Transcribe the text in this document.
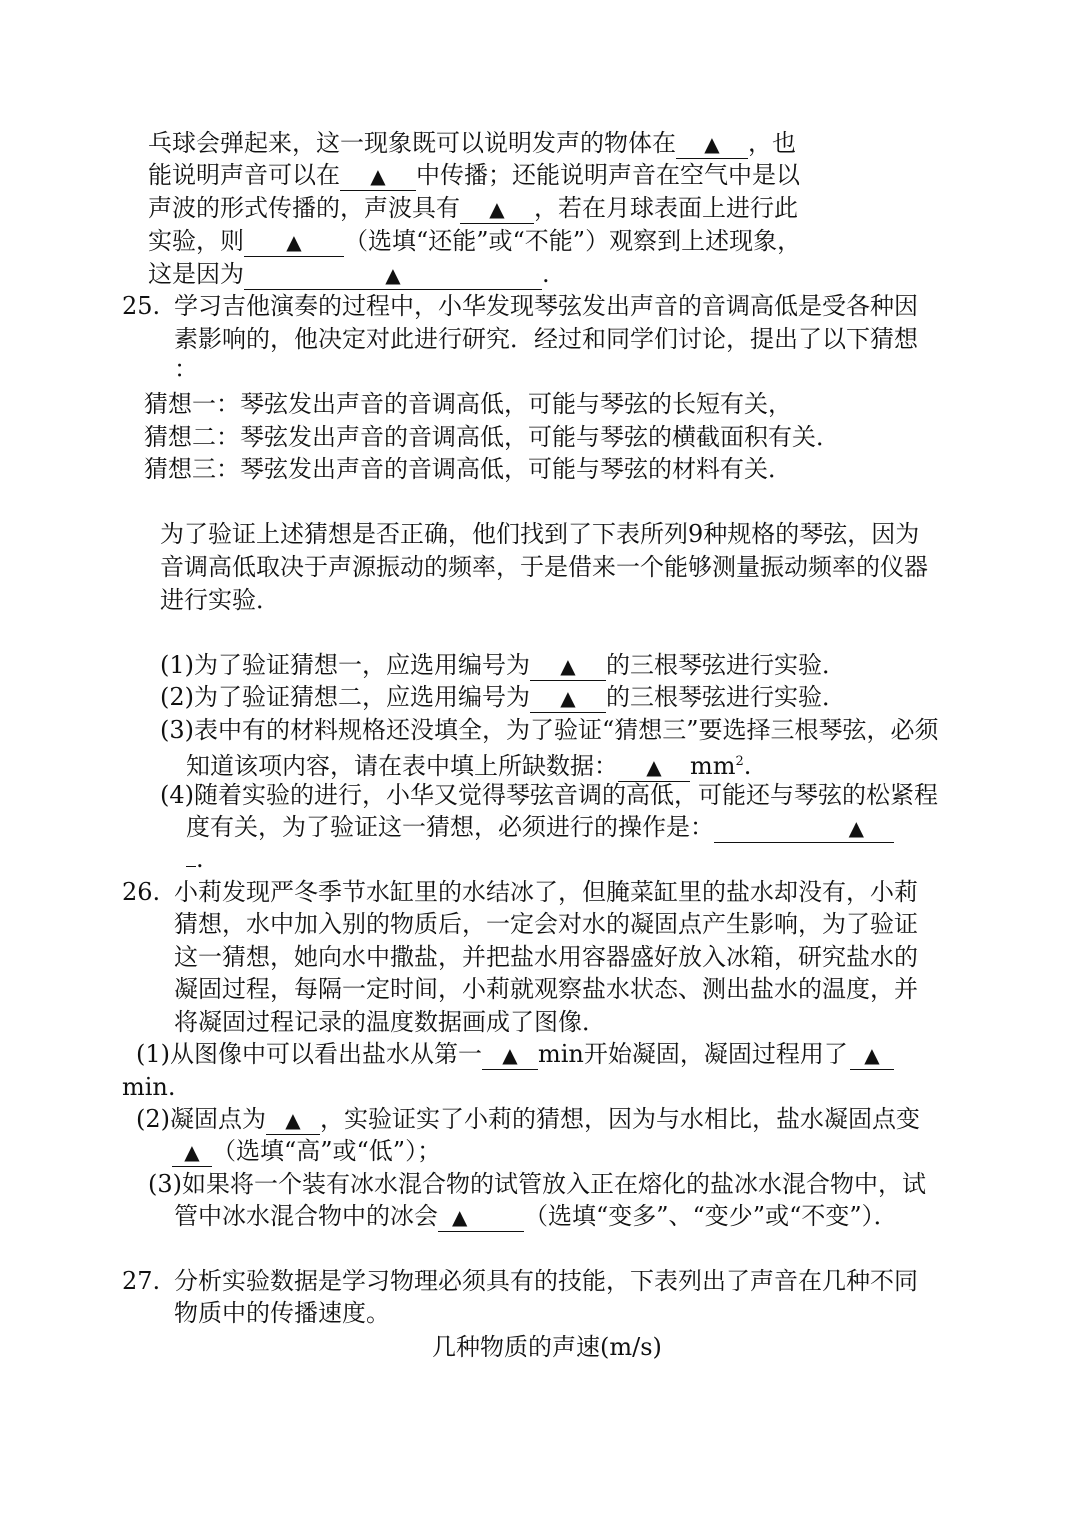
乓球会弹起来，这一现象既可以说明发声的物体在 ▲ ，也
能说明声音可以在 ▲ 中传播；还能说明声音在空气中是以
声波的形式传播的，声波具有 ▲ ，若在月球表面上进行此
实验，则 ▲ （选填“还能”或“不能”）观察到上述现象，
这是因为	▲	.
25. 学习吉他演奏的过程中，小华发现琴弦发出声音的音调高低是受各种因
素影响的，他决定对此进行研究．经过和同学们讨论，提出了以下猜想
：
猜想一：琴弦发出声音的音调高低，可能与琴弦的长短有关，
猜想二：琴弦发出声音的音调高低，可能与琴弦的横截面积有关．
猜想三：琴弦发出声音的音调高低，可能与琴弦的材料有关．
为了验证上述猜想是否正确，他们找到了下表所列9种规格的琴弦，因为
音调高低取决于声源振动的频率，于是借来一个能够测量振动频率的仪器
进行实验．
(1)为了验证猜想一，应选用编号为 ▲ 的三根琴弦进行实验．
(2)为了验证猜想二，应选用编号为 ▲ 的三根琴弦进行实验．
(3)表中有的材料规格还没填全，为了验证“猜想三”要选择三根琴弦，必须
知道该项内容，请在表中填上所缺数据： ▲ $mm^2$.
(4)随着实验的进行，小华又觉得琴弦音调的高低，可能还与琴弦的松紧程
度有关，为了验证这一猜想，必须进行的操作是：	▲
.
26. 小莉发现严冬季节水缸里的水结冰了，但腌菜缸里的盐水却没有，小莉
猜想，水中加入别的物质后，一定会对水的凝固点产生影响，为了验证
这一猜想，她向水中撒盐，并把盐水用容器盛好放入冰箱，研究盐水的
凝固过程，每隔一定时间，小莉就观察盐水状态、测出盐水的温度，并
将凝固过程记录的温度数据画成了图像．
(1)从图像中可以看出盐水从第一 ▲ min开始凝固，凝固过程用了 ▲
min.
(2)凝固点为 ▲ ，实验证实了小莉的猜想，因为与水相比，盐水凝固点变
▲ （选填“高”或“低”）；
(3)如果将一个装有冰水混合物的试管放入正在熔化的盐冰水混合物中，试
管中冰水混合物中的冰会 ▲ （选填“变多”、“变少”或“不变”）．
27. 分析实验数据是学习物理必须具有的技能，下表列出了声音在几种不同
物质中的传播速度。
几种物质的声速(m/s)
